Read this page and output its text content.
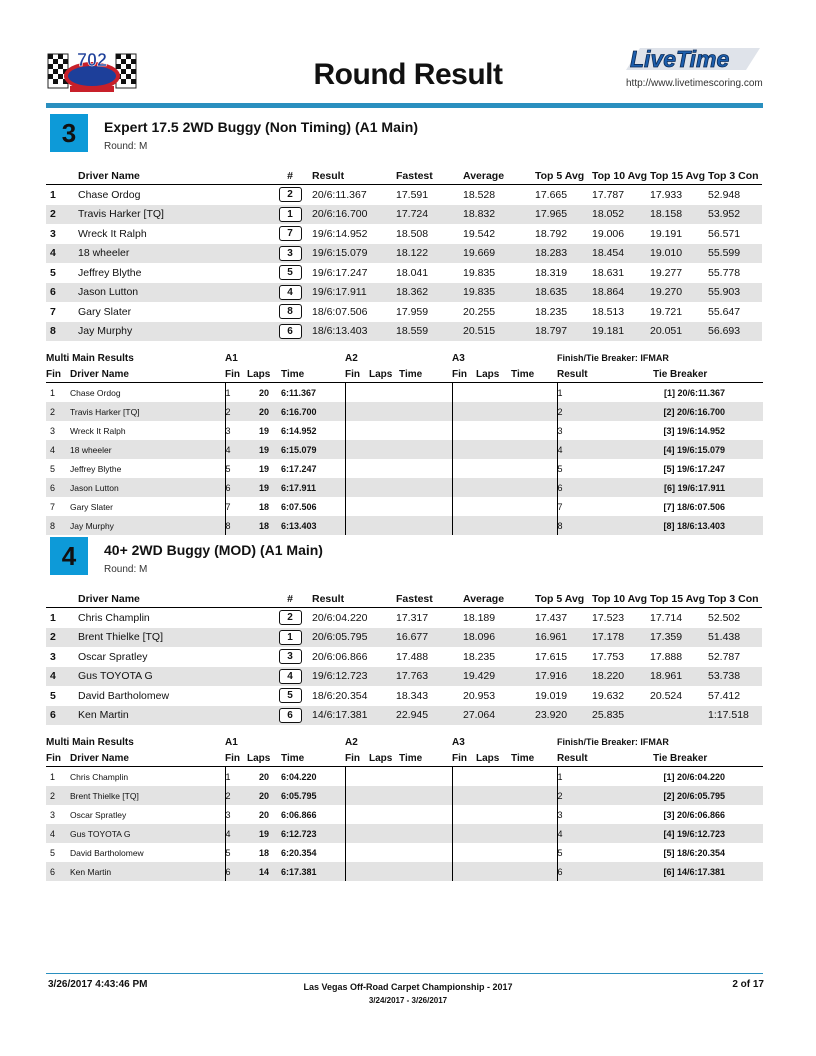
702	Round Result	LiveTime
http://www.livetimescoring.com
3	Expert 17.5 2WD Buggy (Non Timing) (A1 Main)
Round: M
	Driver Name	#	Result	Fastest	Average	Top 5 Avg	Top 10 Avg	Top 15 Avg	Top 3 Con
1	Chase Ordog	2	20/6:11.367	17.591	18.528	17.665	17.787	17.933	52.948
2	Travis Harker [TQ]	1	20/6:16.700	17.724	18.832	17.965	18.052	18.158	53.952
3	Wreck It Ralph	7	19/6:14.952	18.508	19.542	18.792	19.006	19.191	56.571
4	18 wheeler	3	19/6:15.079	18.122	19.669	18.283	18.454	19.010	55.599
5	Jeffrey Blythe	5	19/6:17.247	18.041	19.835	18.319	18.631	19.277	55.778
6	Jason Lutton	4	19/6:17.911	18.362	19.835	18.635	18.864	19.270	55.903
7	Gary Slater	8	18/6:07.506	17.959	20.255	18.235	18.513	19.721	55.647
8	Jay Murphy	6	18/6:13.403	18.559	20.515	18.797	19.181	20.051	56.693
Multi Main Results		A1			A2			A3			Finish/Tie Breaker: IFMAR	
Fin	Driver Name	Fin	Laps	Time	Fin	Laps	Time	Fin	Laps	Time	Result	Tie Breaker
1	Chase Ordog	1	20	6:11.367							1	[1] 20/6:11.367
2	Travis Harker [TQ]	2	20	6:16.700							2	[2] 20/6:16.700
3	Wreck It Ralph	3	19	6:14.952							3	[3] 19/6:14.952
4	18 wheeler	4	19	6:15.079							4	[4] 19/6:15.079
5	Jeffrey Blythe	5	19	6:17.247							5	[5] 19/6:17.247
6	Jason Lutton	6	19	6:17.911							6	[6] 19/6:17.911
7	Gary Slater	7	18	6:07.506							7	[7] 18/6:07.506
8	Jay Murphy	8	18	6:13.403							8	[8] 18/6:13.403
4	40+ 2WD Buggy (MOD) (A1 Main)
Round: M
	Driver Name	#	Result	Fastest	Average	Top 5 Avg	Top 10 Avg	Top 15 Avg	Top 3 Con
1	Chris Champlin	2	20/6:04.220	17.317	18.189	17.437	17.523	17.714	52.502
2	Brent Thielke [TQ]	1	20/6:05.795	16.677	18.096	16.961	17.178	17.359	51.438
3	Oscar Spratley	3	20/6:06.866	17.488	18.235	17.615	17.753	17.888	52.787
4	Gus TOYOTA G	4	19/6:12.723	17.763	19.429	17.916	18.220	18.961	53.738
5	David Bartholomew	5	18/6:20.354	18.343	20.953	19.019	19.632	20.524	57.412
6	Ken Martin	6	14/6:17.381	22.945	27.064	23.920	25.835		1:17.518
Multi Main Results		A1			A2			A3			Finish/Tie Breaker: IFMAR	
Fin	Driver Name	Fin	Laps	Time	Fin	Laps	Time	Fin	Laps	Time	Result	Tie Breaker
1	Chris Champlin	1	20	6:04.220							1	[1] 20/6:04.220
2	Brent Thielke [TQ]	2	20	6:05.795							2	[2] 20/6:05.795
3	Oscar Spratley	3	20	6:06.866							3	[3] 20/6:06.866
4	Gus TOYOTA G	4	19	6:12.723							4	[4] 19/6:12.723
5	David Bartholomew	5	18	6:20.354							5	[5] 18/6:20.354
6	Ken Martin	6	14	6:17.381							6	[6] 14/6:17.381
3/26/2017 4:43:46 PM	Las Vegas Off-Road Carpet Championship - 2017
3/24/2017 - 3/26/2017
2 of 17
